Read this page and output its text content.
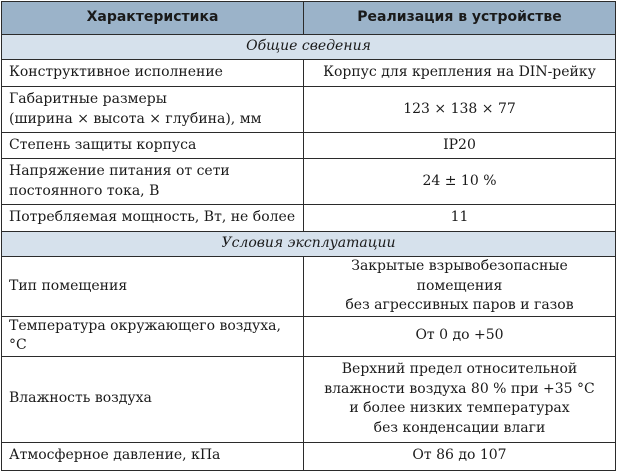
Характеристика	Реализация в устройстве
Общие сведения	
Конструктивное исполнение	Корпус для крепления на DIN-рейку
Габаритные размеры
(ширина × высота × глубина), мм	123 × 138 × 77
Степень защиты корпуса	IP20
Напряжение питания от сети
постоянного тока, В	24 ± 10 %
Потребляемая мощность, Вт, не более	11
Условия эксплуатации	
Тип помещения	Закрытые взрывобезопасные помещения
без агрессивных паров и газов
Температура окружающего воздуха, °С	От 0 до +50
Влажность воздуха	Верхний предел относительной
влажности воздуха 80 % при +35 °С
и более низких температурах
без конденсации влаги
Атмосферное давление, кПа	От 86 до 107
